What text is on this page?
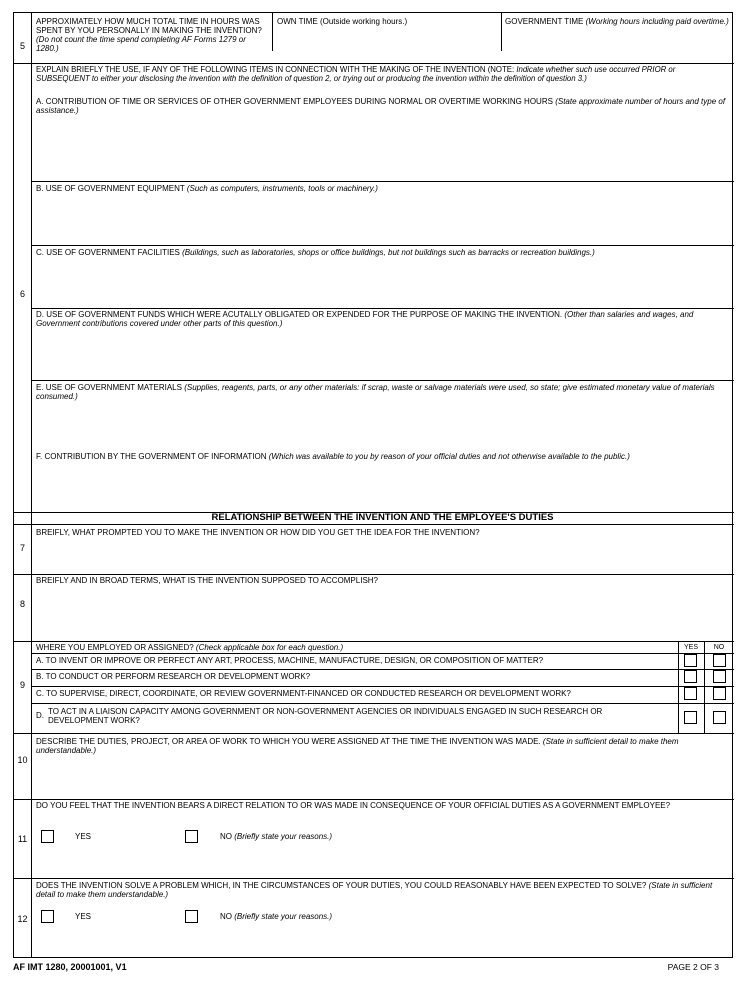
5
APPROXIMATELY HOW MUCH TOTAL TIME IN HOURS WAS SPENT BY YOU PERSONALLY IN MAKING THE INVENTION? (Do not count the time spend completing AF Forms 1279 or 1280.)
OWN TIME (Outside working hours.)	GOVERNMENT TIME (Working hours including paid overtime.)
6
EXPLAIN BRIEFLY THE USE, IF ANY OF THE FOLLOWING ITEMS IN CONNECTION WITH THE MAKING OF THE INVENTION (NOTE: Indicate whether such use occurred PRIOR or SUBSEQUENT to either your disclosing the invention with the definition of question 2, or trying out or producing the invention within the definition of question 3.)
A. CONTRIBUTION OF TIME OR SERVICES OF OTHER GOVERNMENT EMPLOYEES DURING NORMAL OR OVERTIME WORKING HOURS (State approximate number of hours and type of assistance.)
B. USE OF GOVERNMENT EQUIPMENT (Such as computers, instruments, tools or machinery.)
C. USE OF GOVERNMENT FACILITIES (Buildings, such as laboratories, shops or office buildings, but not buildings such as barracks or recreation buildings.)
D. USE OF GOVERNMENT FUNDS WHICH WERE ACUTALLY OBLIGATED OR EXPENDED FOR THE PURPOSE OF MAKING THE INVENTION. (Other than salaries and wages, and Government contributions covered under other parts of this question.)
E. USE OF GOVERNMENT MATERIALS (Supplies, reagents, parts, or any other materials: if scrap, waste or salvage materials were used, so state; give estimated monetary value of materials consumed.)
F. CONTRIBUTION BY THE GOVERNMENT OF INFORMATION (Which was available to you by reason of your official duties and not otherwise available to the public.)
RELATIONSHIP BETWEEN THE INVENTION AND THE EMPLOYEE'S DUTIES
7
BREIFLY, WHAT PROMPTED YOU TO MAKE THE INVENTION OR HOW DID YOU GET THE IDEA FOR THE INVENTION?
8
BREIFLY AND IN BROAD TERMS, WHAT IS THE INVENTION SUPPOSED TO ACCOMPLISH?
9
WHERE YOU EMPLOYED OR ASSIGNED? (Check applicable box for each question.)	YES	NO
A. TO INVENT OR IMPROVE OR PERFECT ANY ART, PROCESS, MACHINE, MANUFACTURE, DESIGN, OR COMPOSITION OF MATTER?
B. TO CONDUCT OR PERFORM RESEARCH OR DEVELOPMENT WORK?
C. TO SUPERVISE, DIRECT, COORDINATE, OR REVIEW GOVERNMENT-FINANCED OR CONDUCTED RESEARCH OR DEVELOPMENT WORK?
D. TO ACT IN A LIAISON CAPACITY AMONG GOVERNMENT OR NON-GOVERNMENT AGENCIES OR INDIVIDUALS ENGAGED IN SUCH RESEARCH OR DEVELOPMENT WORK?
10
DESCRIBE THE DUTIES, PROJECT, OR AREA OF WORK TO WHICH YOU WERE ASSIGNED AT THE TIME THE INVENTION WAS MADE. (State in sufficient detail to make them understandable.)
11
DO YOU FEEL THAT THE INVENTION BEARS A DIRECT RELATION TO OR WAS MADE IN CONSEQUENCE OF YOUR OFFICIAL DUTIES AS A GOVERNMENT EMPLOYEE?
YES	NO (Briefly state your reasons.)
12
DOES THE INVENTION SOLVE A PROBLEM WHICH, IN THE CIRCUMSTANCES OF YOUR DUTIES, YOU COULD REASONABLY HAVE BEEN EXPECTED TO SOLVE? (State in sufficient detail to make them understandable.)
YES	NO (Briefly state your reasons.)
AF IMT 1280, 20001001, V1	PAGE 2 OF 3
